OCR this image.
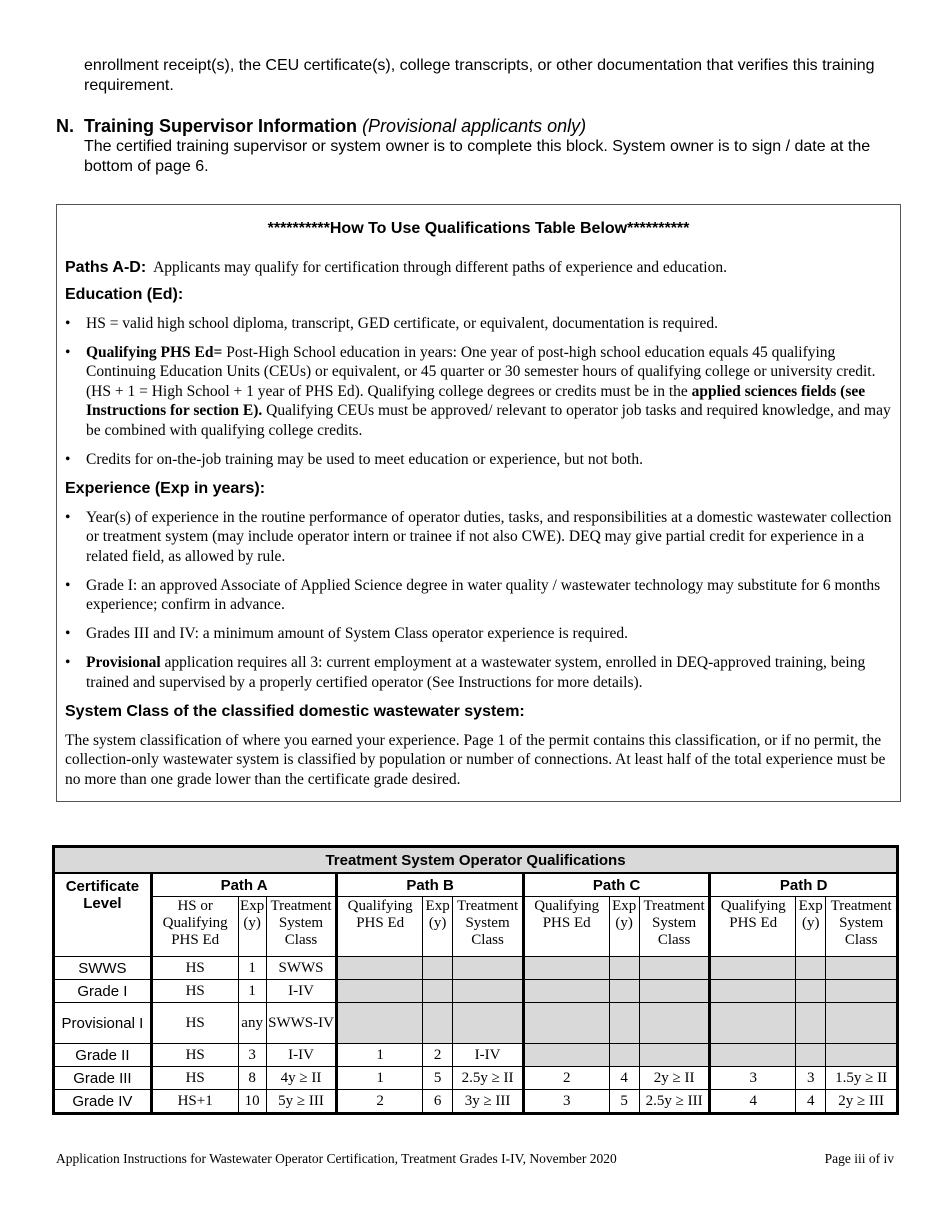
enrollment receipt(s), the CEU certificate(s), college transcripts, or other documentation that verifies this training requirement.
N. Training Supervisor Information (Provisional applicants only)
The certified training supervisor or system owner is to complete this block. System owner is to sign / date at the bottom of page 6.
**********How To Use Qualifications Table Below**********

Paths A-D: Applicants may qualify for certification through different paths of experience and education.

Education (Ed):
• HS = valid high school diploma, transcript, GED certificate, or equivalent, documentation is required.
• Qualifying PHS Ed= Post-High School education in years: One year of post-high school education equals 45 qualifying Continuing Education Units (CEUs) or equivalent, or 45 quarter or 30 semester hours of qualifying college or university credit. (HS + 1 = High School + 1 year of PHS Ed). Qualifying college degrees or credits must be in the applied sciences fields (see Instructions for section E). Qualifying CEUs must be approved/ relevant to operator job tasks and required knowledge, and may be combined with qualifying college credits.
• Credits for on-the-job training may be used to meet education or experience, but not both.
Experience (Exp in years):
• Year(s) of experience in the routine performance of operator duties, tasks, and responsibilities at a domestic wastewater collection or treatment system (may include operator intern or trainee if not also CWE). DEQ may give partial credit for experience in a related field, as allowed by rule.
• Grade I: an approved Associate of Applied Science degree in water quality / wastewater technology may substitute for 6 months experience; confirm in advance.
• Grades III and IV: a minimum amount of System Class operator experience is required.
• Provisional application requires all 3: current employment at a wastewater system, enrolled in DEQ-approved training, being trained and supervised by a properly certified operator (See Instructions for more details).
System Class of the classified domestic wastewater system:

The system classification of where you earned your experience. Page 1 of the permit contains this classification, or if no permit, the collection-only wastewater system is classified by population or number of connections. At least half of the total experience must be no more than one grade lower than the certificate grade desired.

Treatment System Operator Qualifications												
Certificate Level	Path A			Path B			Path C			Path D		
	HS or Qualifying PHS Ed	Exp (y)	Treatment System Class	Qualifying PHS Ed	Exp (y)	Treatment System Class	Qualifying PHS Ed	Exp (y)	Treatment System Class	Qualifying PHS Ed	Exp (y)	Treatment System Class
SWWS	HS	1	SWWS									
Grade I	HS	1	I-IV									
Provisional I	HS	any	SWWS-IV									
Grade II	HS	3	I-IV	1	2	I-IV						
Grade III	HS	8	4y ≥ II	1	5	2.5y ≥ II	2	4	2y ≥ II	3	3	1.5y ≥ II
Grade IV	HS+1	10	5y ≥ III	2	6	3y ≥ III	3	5	2.5y ≥ III	4	4	2y ≥ III
Application Instructions for Wastewater Operator Certification, Treatment Grades I-IV, November 2020	Page iii of iv
